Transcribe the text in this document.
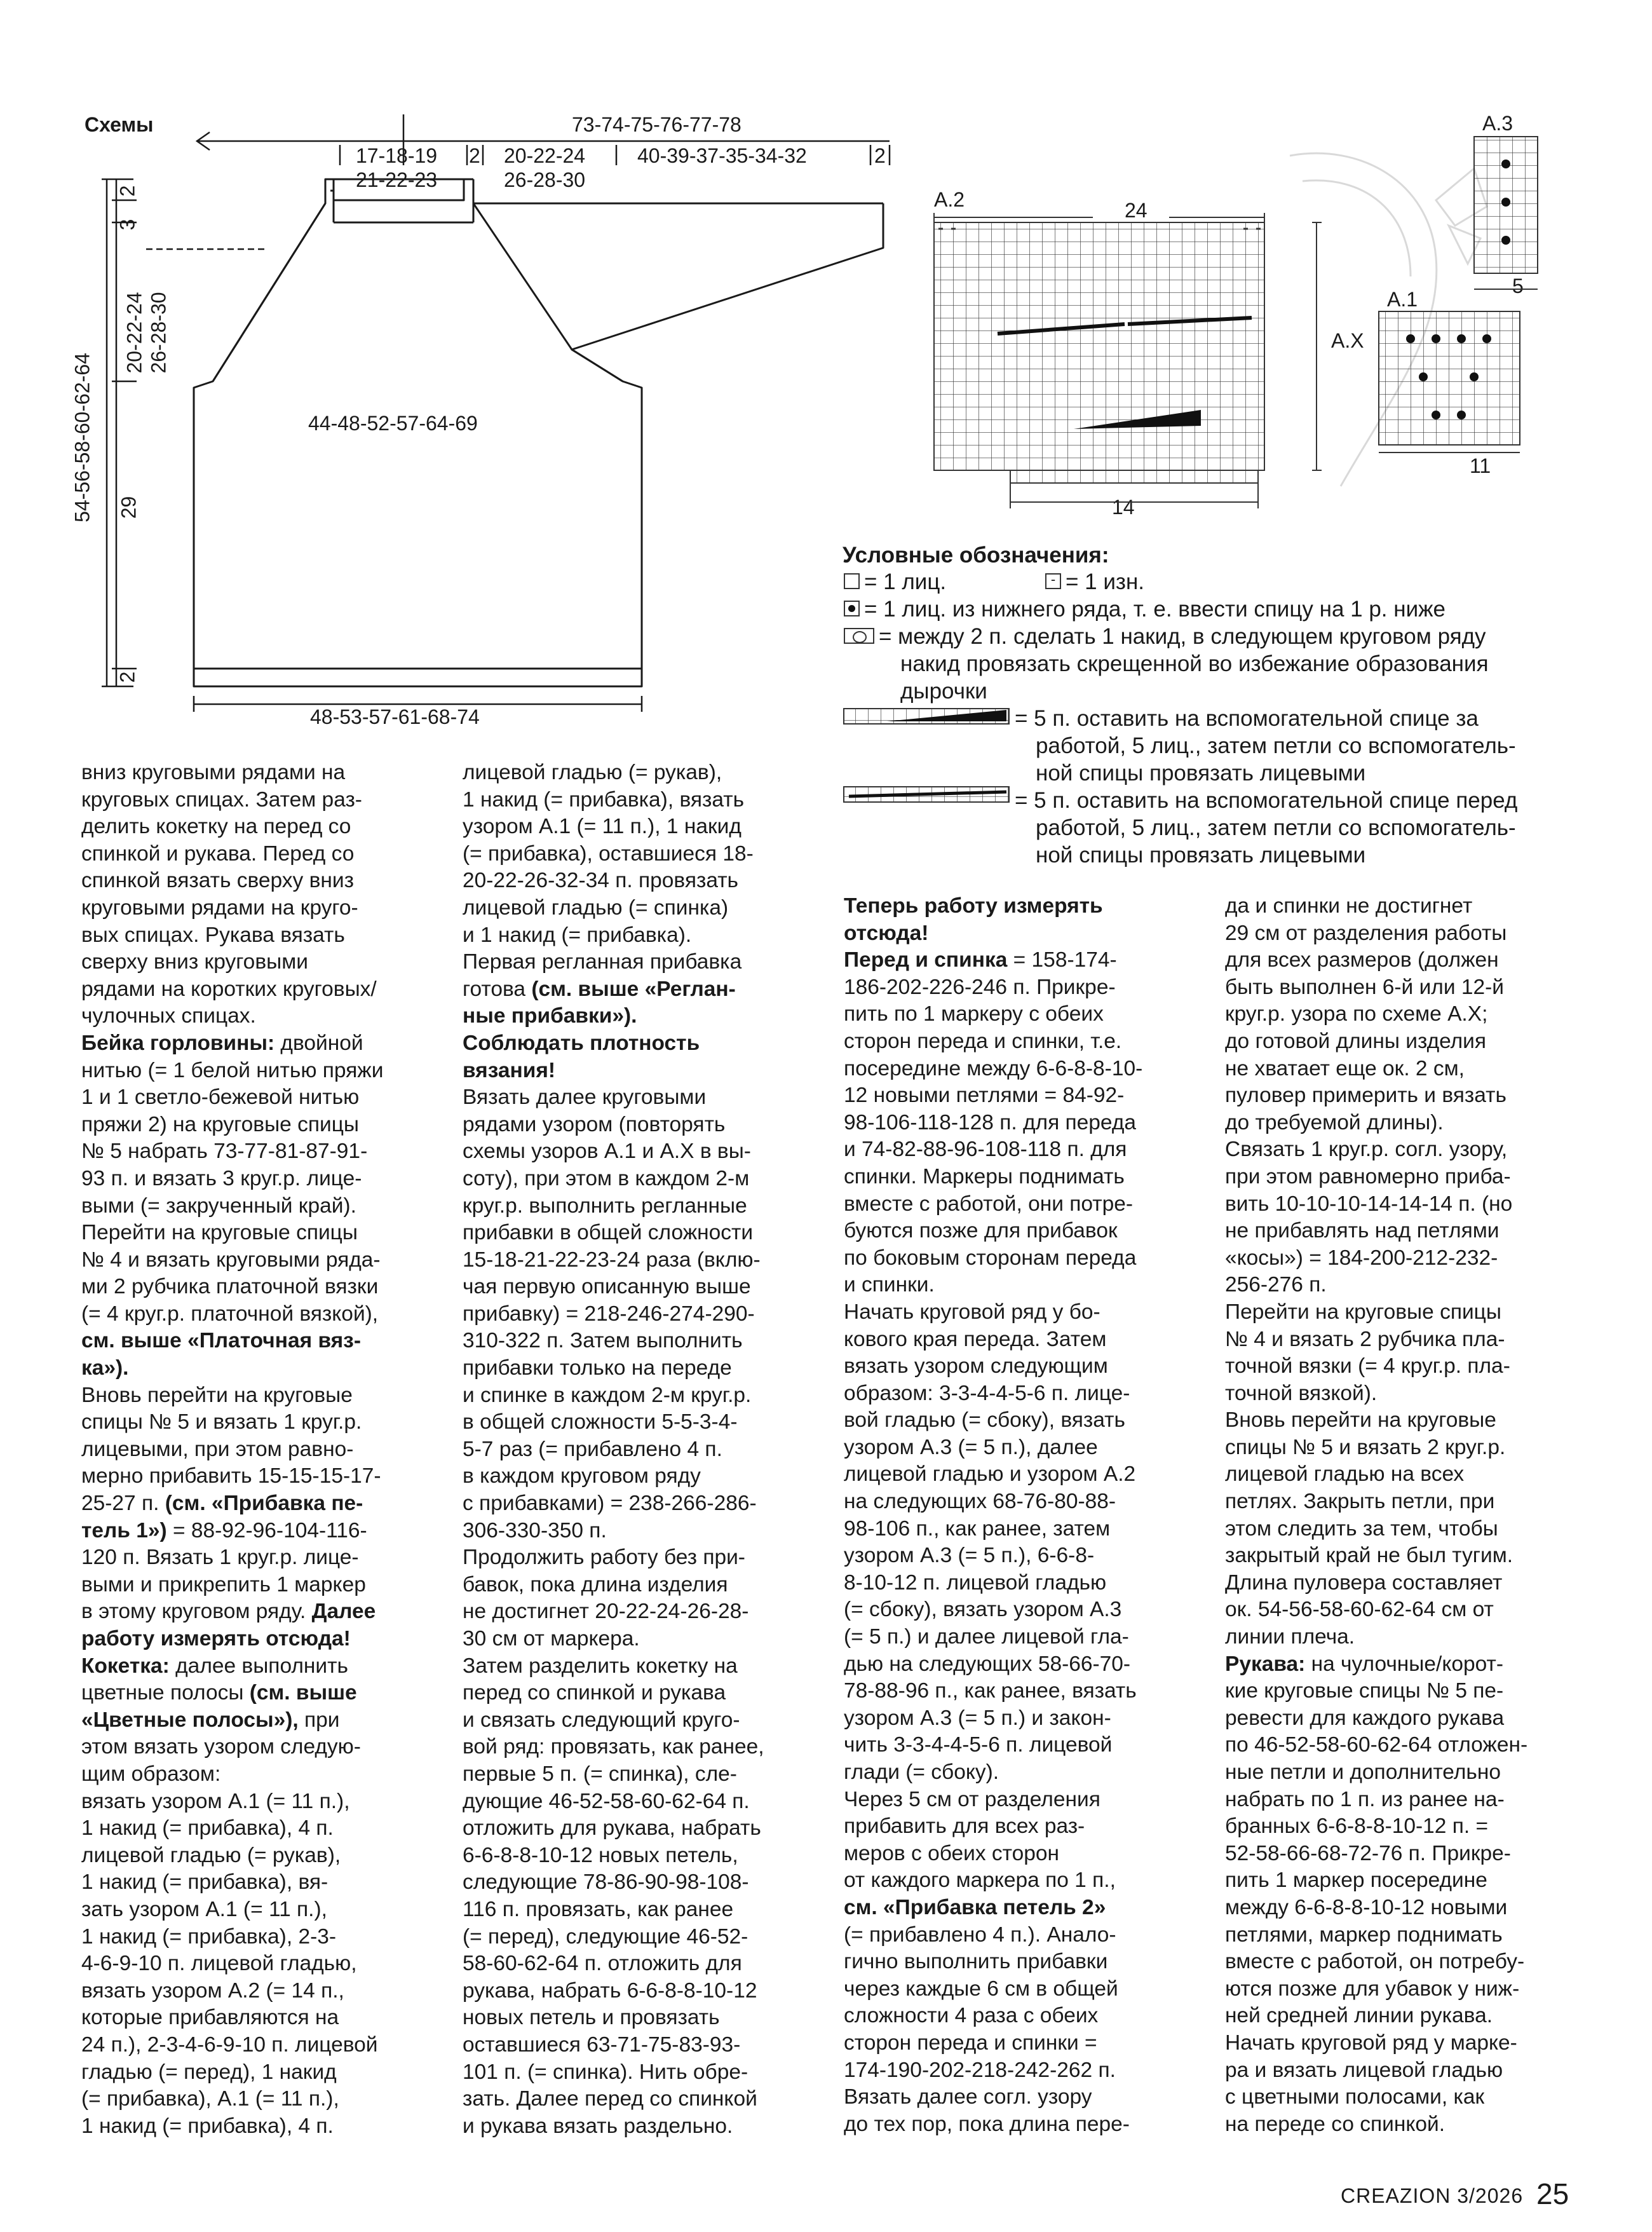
Схемы	73-74-75-76-77-78
17-18-19
21-22-23
2 20-22-24
26-28-30
40-39-37-35-34-32	2
44-48-52-57-64-69
48-53-57-61-68-74
54-56-58-60-62-64
20-22-24 26-28-30
2
3
29
2
A.2	24
A.X
14
A.3
5
A.1
11
Условные обозначения:
= 1 лиц.	- = 1 изн.
= 1 лиц. из нижнего ряда, т. е. ввести спицу на 1 р. ниже
= между 2 п. сделать 1 накид, в следующем круговом ряду
накид провязать скрещенной во избежание образования
дырочки
= 5 п. оставить на вспомогательной спице за
работой, 5 лиц., затем петли со вспомогатель-
ной спицы провязать лицевыми
= 5 п. оставить на вспомогательной спице перед
работой, 5 лиц., затем петли со вспомогатель-
ной спицы провязать лицевыми
вниз круговыми рядами на
круговых спицах. Затем раз-
делить кокетку на перед со
спинкой и рукава. Перед со
спинкой вязать сверху вниз
круговыми рядами на круго-
вых спицах. Рукава вязать
сверху вниз круговыми
рядами на коротких круговых/
чулочных спицах.
Бейка горловины: двойной
нитью (= 1 белой нитью пряжи
1 и 1 светло-бежевой нитью
пряжи 2) на круговые спицы
№ 5 набрать 73-77-81-87-91-
93 п. и вязать 3 круг.р. лице-
выми (= закрученный край).
Перейти на круговые спицы
№ 4 и вязать круговыми ряда-
ми 2 рубчика платочной вязки
(= 4 круг.р. платочной вязкой),
см. выше «Платочная вяз-
ка»).
Вновь перейти на круговые
спицы № 5 и вязать 1 круг.р.
лицевыми, при этом равно-
мерно прибавить 15-15-15-17-
25-27 п. (см. «Прибавка пе-
тель 1») = 88-92-96-104-116-
120 п. Вязать 1 круг.р. лице-
выми и прикрепить 1 маркер
в этому круговом ряду. Далее
работу измерять отсюда!
Кокетка: далее выполнить
цветные полосы (см. выше
«Цветные полосы»), при
этом вязать узором следую-
щим образом:
вязать узором А.1 (= 11 п.),
1 накид (= прибавка), 4 п.
лицевой гладью (= рукав),
1 накид (= прибавка), вя-
зать узором А.1 (= 11 п.),
1 накид (= прибавка), 2-3-
4-6-9-10 п. лицевой гладью,
вязать узором А.2 (= 14 п.,
которые прибавляются на
24 п.), 2-3-4-6-9-10 п. лицевой
гладью (= перед), 1 накид
(= прибавка), А.1 (= 11 п.),
1 накид (= прибавка), 4 п.
лицевой гладью (= рукав),
1 накид (= прибавка), вязать
узором А.1 (= 11 п.), 1 накид
(= прибавка), оставшиеся 18-
20-22-26-32-34 п. провязать
лицевой гладью (= спинка)
и 1 накид (= прибавка).
Первая регланная прибавка
готова (см. выше «Реглан-
ные прибавки»).
Соблюдать плотность
вязания!
Вязать далее круговыми
рядами узором (повторять
схемы узоров А.1 и А.X в вы-
соту), при этом в каждом 2-м
круг.р. выполнить регланные
прибавки в общей сложности
15-18-21-22-23-24 раза (вклю-
чая первую описанную выше
прибавку) = 218-246-274-290-
310-322 п. Затем выполнить
прибавки только на переде
и спинке в каждом 2-м круг.р.
в общей сложности 5-5-3-4-
5-7 раз (= прибавлено 4 п.
в каждом круговом ряду
с прибавками) = 238-266-286-
306-330-350 п.
Продолжить работу без при-
бавок, пока длина изделия
не достигнет 20-22-24-26-28-
30 см от маркера.
Затем разделить кокетку на
перед со спинкой и рукава
и связать следующий круго-
вой ряд: провязать, как ранее,
первые 5 п. (= спинка), сле-
дующие 46-52-58-60-62-64 п.
отложить для рукава, набрать
6-6-8-8-10-12 новых петель,
следующие 78-86-90-98-108-
116 п. провязать, как ранее
(= перед), следующие 46-52-
58-60-62-64 п. отложить для
рукава, набрать 6-6-8-8-10-12
новых петель и провязать
оставшиеся 63-71-75-83-93-
101 п. (= спинка). Нить обре-
зать. Далее перед со спинкой
и рукава вязать раздельно.
Теперь работу измерять
отсюда!
Перед и спинка = 158-174-
186-202-226-246 п. Прикре-
пить по 1 маркеру с обеих
сторон переда и спинки, т.е.
посередине между 6-6-8-8-10-
12 новыми петлями = 84-92-
98-106-118-128 п. для переда
и 74-82-88-96-108-118 п. для
спинки. Маркеры поднимать
вместе с работой, они потре-
буются позже для прибавок
по боковым сторонам переда
и спинки.
Начать круговой ряд у бо-
кового края переда. Затем
вязать узором следующим
образом: 3-3-4-4-5-6 п. лице-
вой гладью (= сбоку), вязать
узором А.3 (= 5 п.), далее
лицевой гладью и узором А.2
на следующих 68-76-80-88-
98-106 п., как ранее, затем
узором А.3 (= 5 п.), 6-6-8-
8-10-12 п. лицевой гладью
(= сбоку), вязать узором А.3
(= 5 п.) и далее лицевой гла-
дью на следующих 58-66-70-
78-88-96 п., как ранее, вязать
узором А.3 (= 5 п.) и закон-
чить 3-3-4-4-5-6 п. лицевой
глади (= сбоку).
Через 5 см от разделения
прибавить для всех раз-
меров с обеих сторон
от каждого маркера по 1 п.,
см. «Прибавка петель 2»
(= прибавлено 4 п.). Анало-
гично выполнить прибавки
через каждые 6 см в общей
сложности 4 раза с обеих
сторон переда и спинки =
174-190-202-218-242-262 п.
Вязать далее согл. узору
до тех пор, пока длина пере-
да и спинки не достигнет
29 см от разделения работы
для всех размеров (должен
быть выполнен 6-й или 12-й
круг.р. узора по схеме А.Х;
до готовой длины изделия
не хватает еще ок. 2 см,
пуловер примерить и вязать
до требуемой длины).
Связать 1 круг.р. согл. узору,
при этом равномерно приба-
вить 10-10-10-14-14-14 п. (но
не прибавлять над петлями
«косы») = 184-200-212-232-
256-276 п.
Перейти на круговые спицы
№ 4 и вязать 2 рубчика пла-
точной вязки (= 4 круг.р. пла-
точной вязкой).
Вновь перейти на круговые
спицы № 5 и вязать 2 круг.р.
лицевой гладью на всех
петлях. Закрыть петли, при
этом следить за тем, чтобы
закрытый край не был тугим.
Длина пуловера составляет
ок. 54-56-58-60-62-64 см от
линии плеча.
Рукава: на чулочные/корот-
кие круговые спицы № 5 пе-
ревести для каждого рукава
по 46-52-58-60-62-64 отложен-
ные петли и дополнительно
набрать по 1 п. из ранее на-
бранных 6-6-8-8-10-12 п. =
52-58-66-68-72-76 п. Прикре-
пить 1 маркер посередине
между 6-6-8-8-10-12 новыми
петлями, маркер поднимать
вместе с работой, он потребу-
ются позже для убавок у ниж-
ней средней линии рукава.
Начать круговой ряд у марке-
ра и вязать лицевой гладью
с цветными полосами, как
на переде со спинкой.
CREAZION 3/2026 25
